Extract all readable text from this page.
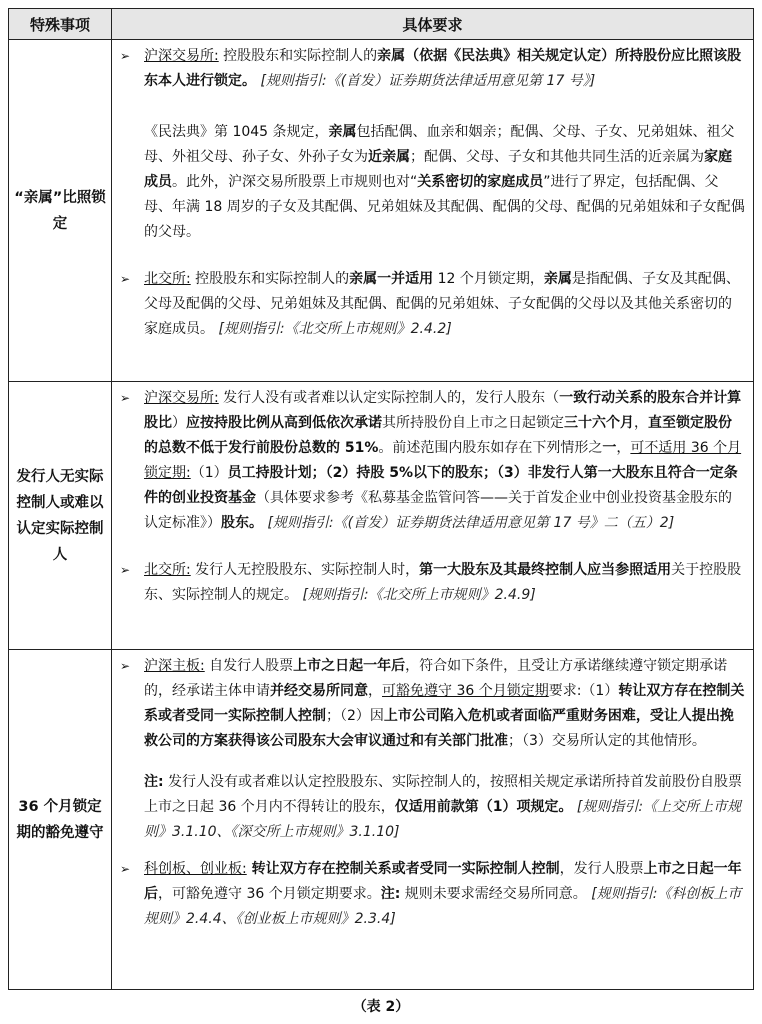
特殊事项	具体要求
“亲属”比照锁定	➢ 沪深交易所: 控股股东和实际控制人的亲属（依据《民法典》相关规定认定）所持股份应比照该股东本人进行锁定。 [规则指引:《(首发）证券期货法律适用意见第 17 号》]
《民法典》第 1045 条规定，亲属包括配偶、血亲和姻亲；配偶、父母、子女、兄弟姐妹、祖父母、外祖父母、孙子女、外孙子女为近亲属；配偶、父母、子女和其他共同生活的近亲属为家庭成员。此外，沪深交易所股票上市规则也对“关系密切的家庭成员”进行了界定，包括配偶、父母、年满 18 周岁的子女及其配偶、兄弟姐妹及其配偶、配偶的父母、配偶的兄弟姐妹和子女配偶的父母。
➢ 北交所: 控股股东和实际控制人的亲属一并适用 12 个月锁定期，亲属是指配偶、子女及其配偶、父母及配偶的父母、兄弟姐妹及其配偶、配偶的兄弟姐妹、子女配偶的父母以及其他关系密切的家庭成员。 [规则指引:《北交所上市规则》2.4.2]

发行人无实际控制人或难以认定实际控制人	➢ 沪深交易所: 发行人没有或者难以认定实际控制人的，发行人股东（一致行动关系的股东合并计算股比）应按持股比例从高到低依次承诺其所持股份自上市之日起锁定三十六个月，直至锁定股份的总数不低于发行前股份总数的 51%。前述范围内股东如存在下列情形之一，可不适用 36 个月锁定期:（1）员工持股计划；（2）持股 5%以下的股东；（3）非发行人第一大股东且符合一定条件的创业投资基金（具体要求参考《私募基金监管问答——关于首发企业中创业投资基金股东的认定标准》）股东。 [规则指引:《(首发）证券期货法律适用意见第 17 号》二（五）2]
➢ 北交所: 发行人无控股股东、实际控制人时，第一大股东及其最终控制人应当参照适用关于控股股东、实际控制人的规定。 [规则指引:《北交所上市规则》2.4.9]

36 个月锁定期的豁免遵守	➢ 沪深主板: 自发行人股票上市之日起一年后，符合如下条件，且受让方承诺继续遵守锁定期承诺的，经承诺主体申请并经交易所同意，可豁免遵守 36 个月锁定期要求:（1）转让双方存在控制关系或者受同一实际控制人控制；（2）因上市公司陷入危机或者面临严重财务困难，受让人提出挽救公司的方案获得该公司股东大会审议通过和有关部门批准；（3）交易所认定的其他情形。
注: 发行人没有或者难以认定控股股东、实际控制人的，按照相关规定承诺所持首发前股份自股票上市之日起 36 个月内不得转让的股东，仅适用前款第（1）项规定。 [规则指引:《上交所上市规则》3.1.10、《深交所上市规则》3.1.10]
➢ 科创板、创业板: 转让双方存在控制关系或者受同一实际控制人控制，发行人股票上市之日起一年后，可豁免遵守 36 个月锁定期要求。注: 规则未要求需经交易所同意。 [规则指引:《科创板上市规则》2.4.4、《创业板上市规则》2.3.4]
（表 2）
